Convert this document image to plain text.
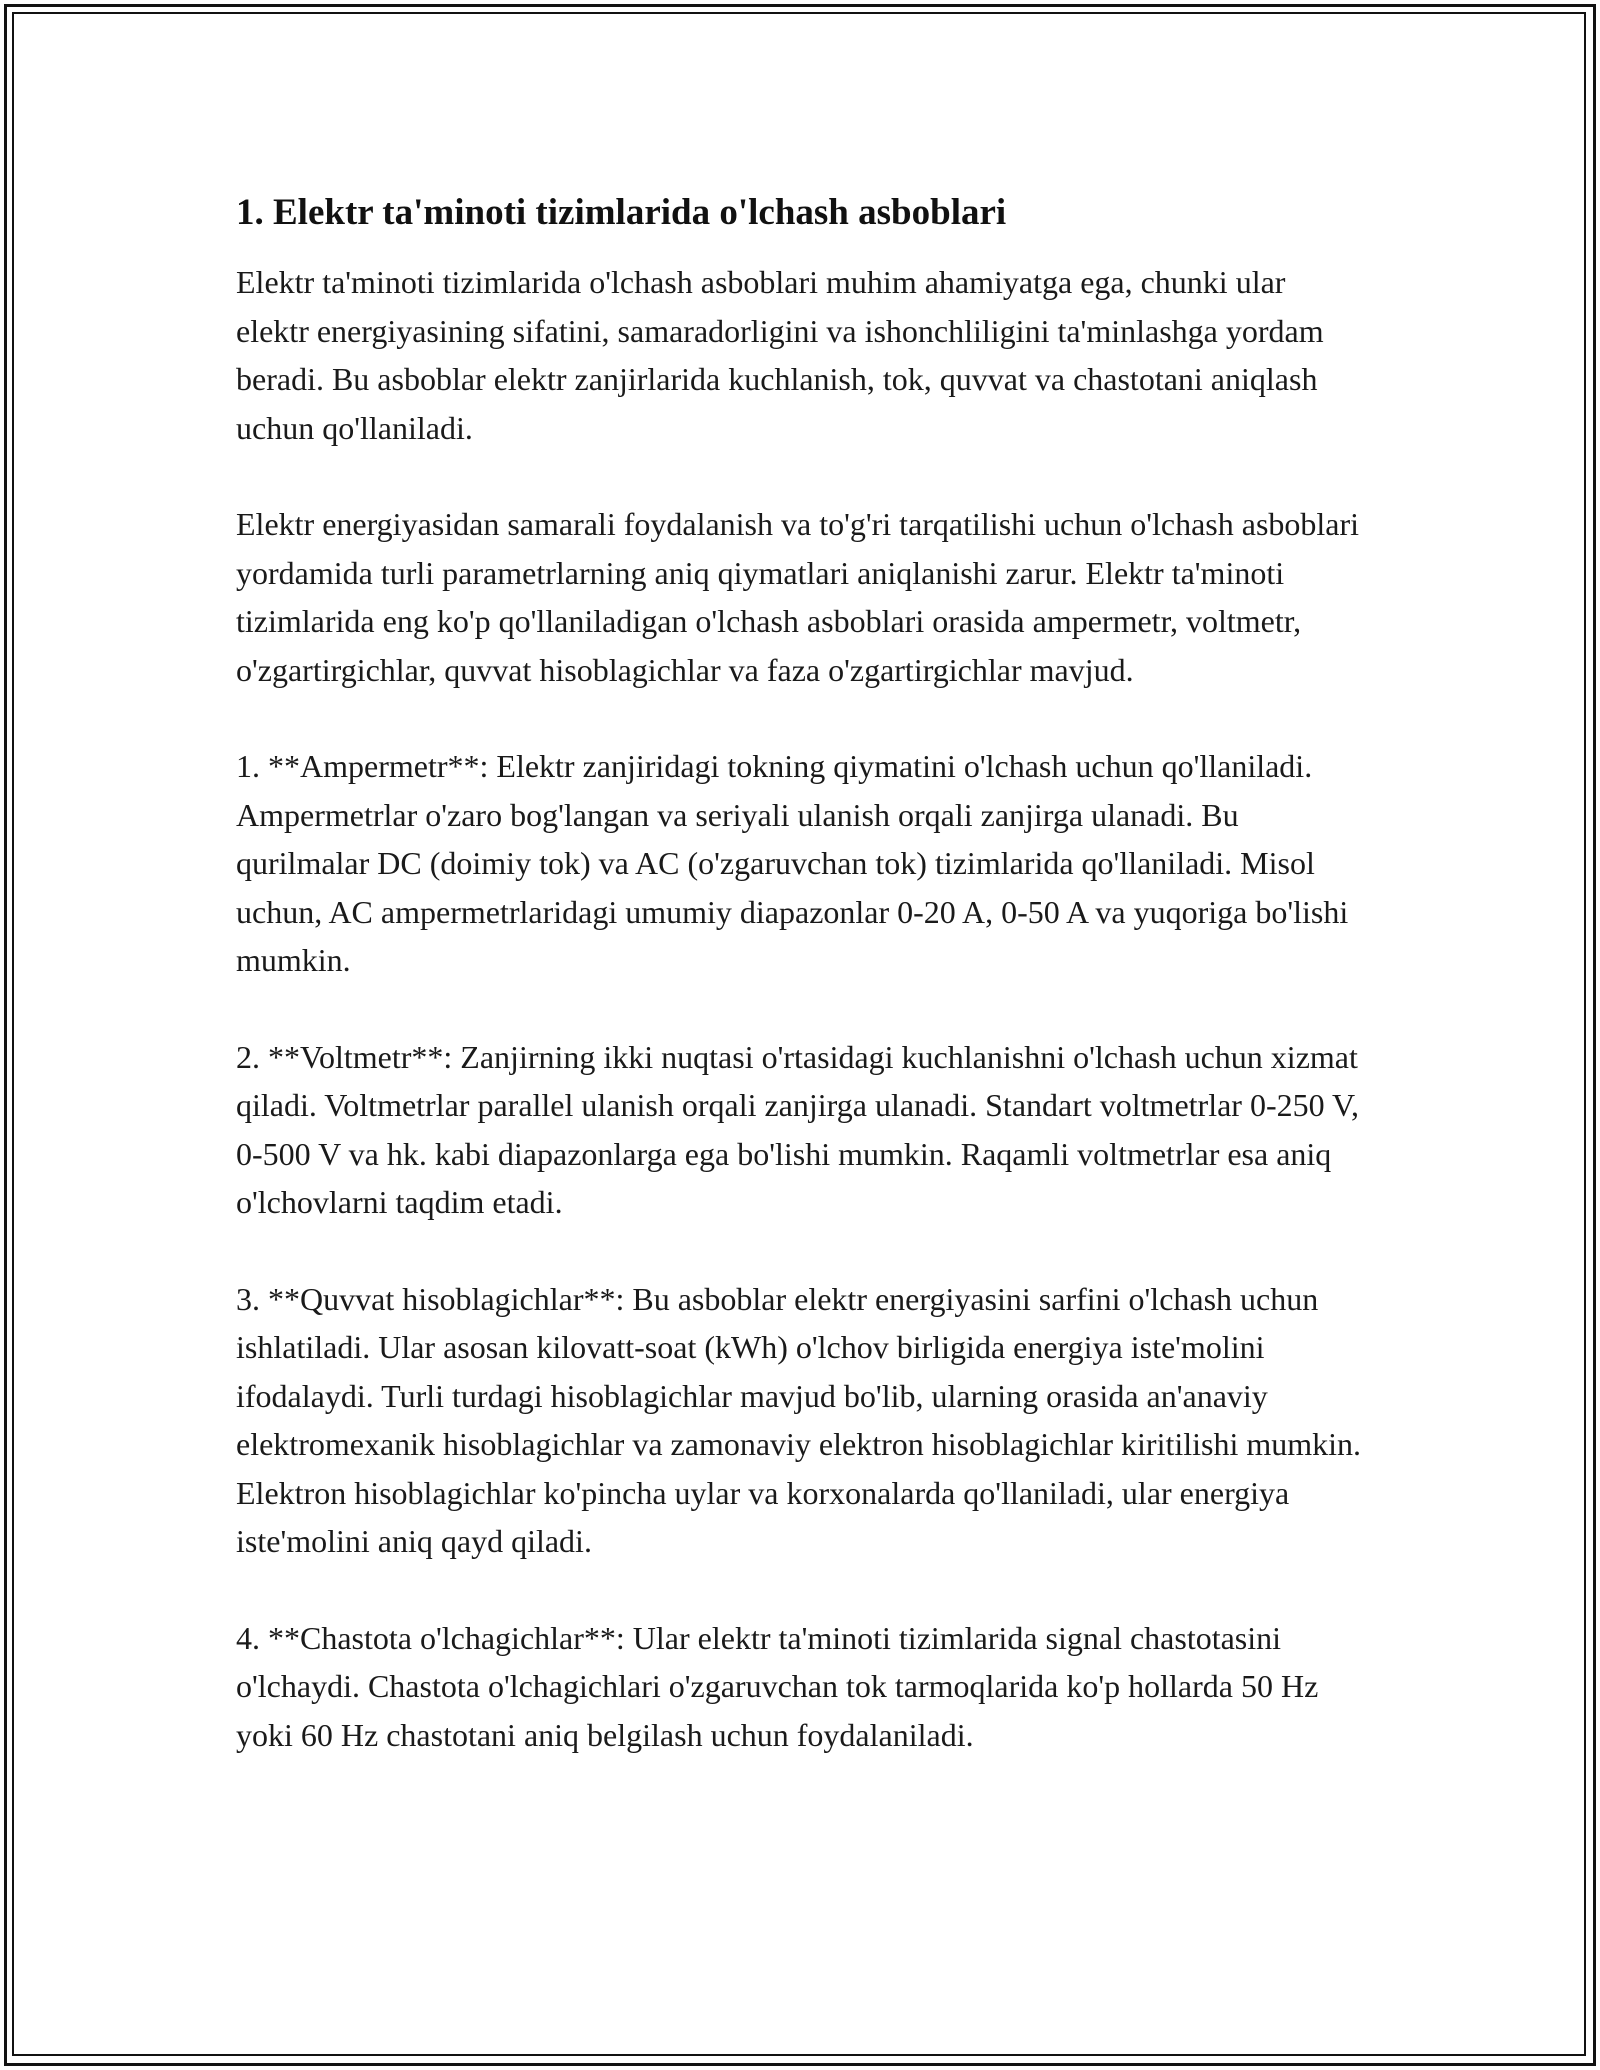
1. Elektr ta'minoti tizimlarida o'lchash asboblari

Elektr ta'minoti tizimlarida o'lchash asboblari muhim ahamiyatga ega, chunki ular elektr energiyasining sifatini, samaradorligini va ishonchliligini ta'minlashga yordam beradi. Bu asboblar elektr zanjirlarida kuchlanish, tok, quvvat va chastotani aniqlash uchun qo'llaniladi.

Elektr energiyasidan samarali foydalanish va to'g'ri tarqatilishi uchun o'lchash asboblari yordamida turli parametrlarning aniq qiymatlari aniqlanishi zarur. Elektr ta'minoti tizimlarida eng ko'p qo'llaniladigan o'lchash asboblari orasida ampermetr, voltmetr, o'zgartirgichlar, quvvat hisoblagichlar va faza o'zgartirgichlar mavjud.

1. **Ampermetr**: Elektr zanjiridagi tokning qiymatini o'lchash uchun qo'llaniladi. Ampermetrlar o'zaro bog'langan va seriyali ulanish orqali zanjirga ulanadi. Bu qurilmalar DC (doimiy tok) va AC (o'zgaruvchan tok) tizimlarida qo'llaniladi. Misol uchun, AC ampermetrlaridagi umumiy diapazonlar 0-20 A, 0-50 A va yuqoriga bo'lishi mumkin.

2. **Voltmetr**: Zanjirning ikki nuqtasi o'rtasidagi kuchlanishni o'lchash uchun xizmat qiladi. Voltmetrlar parallel ulanish orqali zanjirga ulanadi. Standart voltmetrlar 0-250 V, 0-500 V va hk. kabi diapazonlarga ega bo'lishi mumkin. Raqamli voltmetrlar esa aniq o'lchovlarni taqdim etadi.

3. **Quvvat hisoblagichlar**: Bu asboblar elektr energiyasini sarfini o'lchash uchun ishlatiladi. Ular asosan kilovatt-soat (kWh) o'lchov birligida energiya iste'molini ifodalaydi. Turli turdagi hisoblagichlar mavjud bo'lib, ularning orasida an'anaviy elektromexanik hisoblagichlar va zamonaviy elektron hisoblagichlar kiritilishi mumkin. Elektron hisoblagichlar ko'pincha uylar va korxonalarda qo'llaniladi, ular energiya iste'molini aniq qayd qiladi.

4. **Chastota o'lchagichlar**: Ular elektr ta'minoti tizimlarida signal chastotasini o'lchaydi. Chastota o'lchagichlari o'zgaruvchan tok tarmoqlarida ko'p hollarda 50 Hz yoki 60 Hz chastotani aniq belgilash uchun foydalaniladi.
